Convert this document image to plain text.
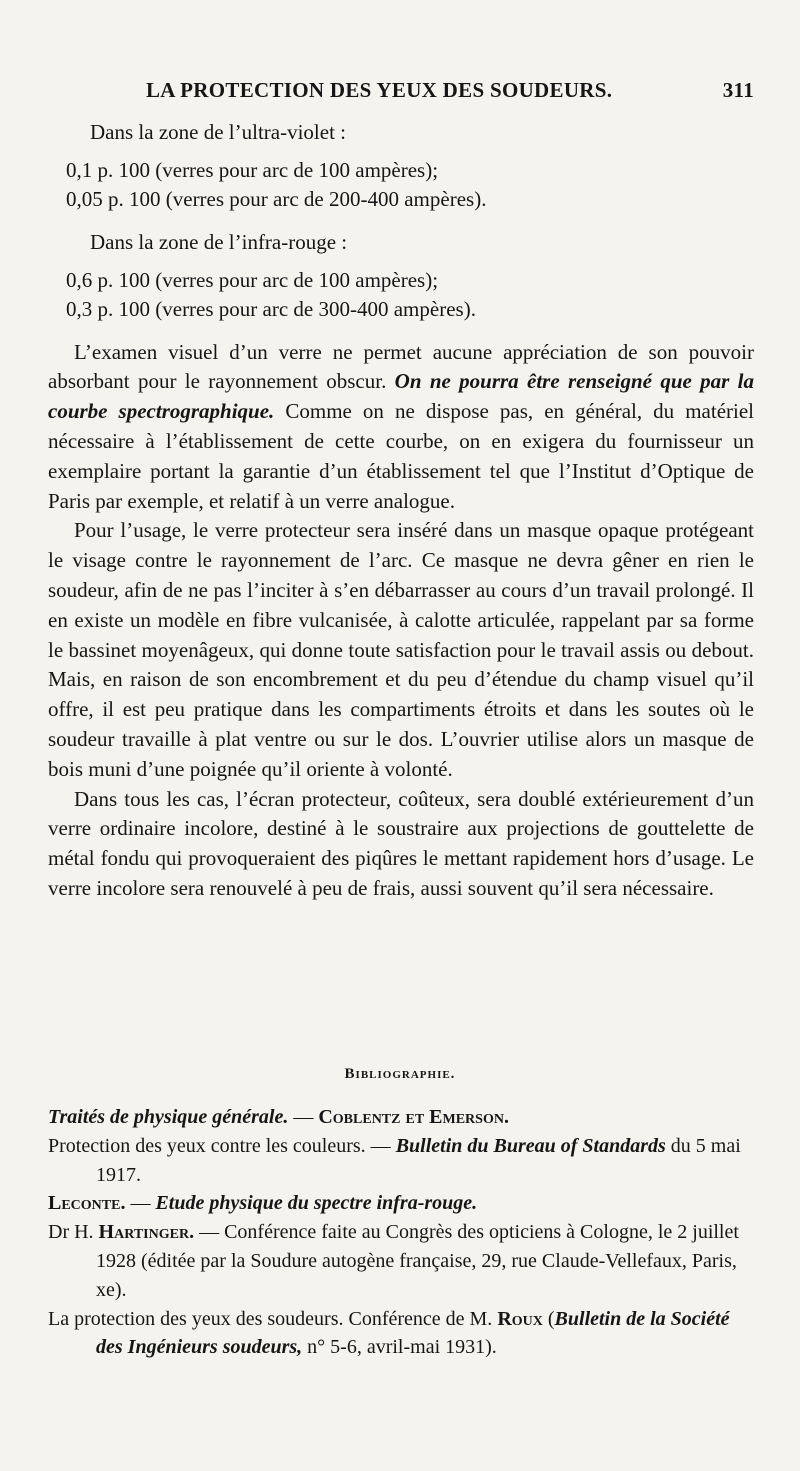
LA PROTECTION DES YEUX DES SOUDEURS.	311

Dans la zone de l’ultra-violet :

0,1 p. 100 (verres pour arc de 100 ampères);

0,05 p. 100 (verres pour arc de 200-400 ampères).

Dans la zone de l’infra-rouge :

0,6 p. 100 (verres pour arc de 100 ampères);

0,3 p. 100 (verres pour arc de 300-400 ampères).

L’examen visuel d’un verre ne permet aucune appréciation de son pouvoir absorbant pour le rayonnement obscur. On ne pourra être renseigné que par la courbe spectrographique. Comme on ne dispose pas, en général, du matériel nécessaire à l’établissement de cette courbe, on en exigera du fournisseur un exemplaire portant la garantie d’un établissement tel que l’Institut d’Optique de Paris par exemple, et relatif à un verre analogue.

Pour l’usage, le verre protecteur sera inséré dans un masque opaque protégeant le visage contre le rayonnement de l’arc. Ce masque ne devra gêner en rien le soudeur, afin de ne pas l’inciter à s’en débarrasser au cours d’un travail prolongé. Il en existe un modèle en fibre vulcanisée, à calotte articulée, rappelant par sa forme le bassinet moyenâgeux, qui donne toute satisfaction pour le travail assis ou debout. Mais, en raison de son encombrement et du peu d’étendue du champ visuel qu’il offre, il est peu pratique dans les compartiments étroits et dans les soutes où le soudeur travaille à plat ventre ou sur le dos. L’ouvrier utilise alors un masque de bois muni d’une poignée qu’il oriente à volonté.

Dans tous les cas, l’écran protecteur, coûteux, sera doublé extérieurement d’un verre ordinaire incolore, destiné à le soustraire aux projections de gouttelette de métal fondu qui provoqueraient des piqûres le mettant rapidement hors d’usage. Le verre incolore sera renouvelé à peu de frais, aussi souvent qu’il sera nécessaire.

Bibliographie.

Traités de physique générale. — Coblentz et Emerson.

Protection des yeux contre les couleurs. — Bulletin du Bureau of Standards du 5 mai 1917.

Leconte. — Etude physique du spectre infra-rouge.

Dr H. Hartinger. — Conférence faite au Congrès des opticiens à Cologne, le 2 juillet 1928 (éditée par la Soudure autogène française, 29, rue Claude-Vellefaux, Paris, xe).

La protection des yeux des soudeurs. Conférence de M. Roux (Bulletin de la Société des Ingénieurs soudeurs, n° 5-6, avril-mai 1931).
